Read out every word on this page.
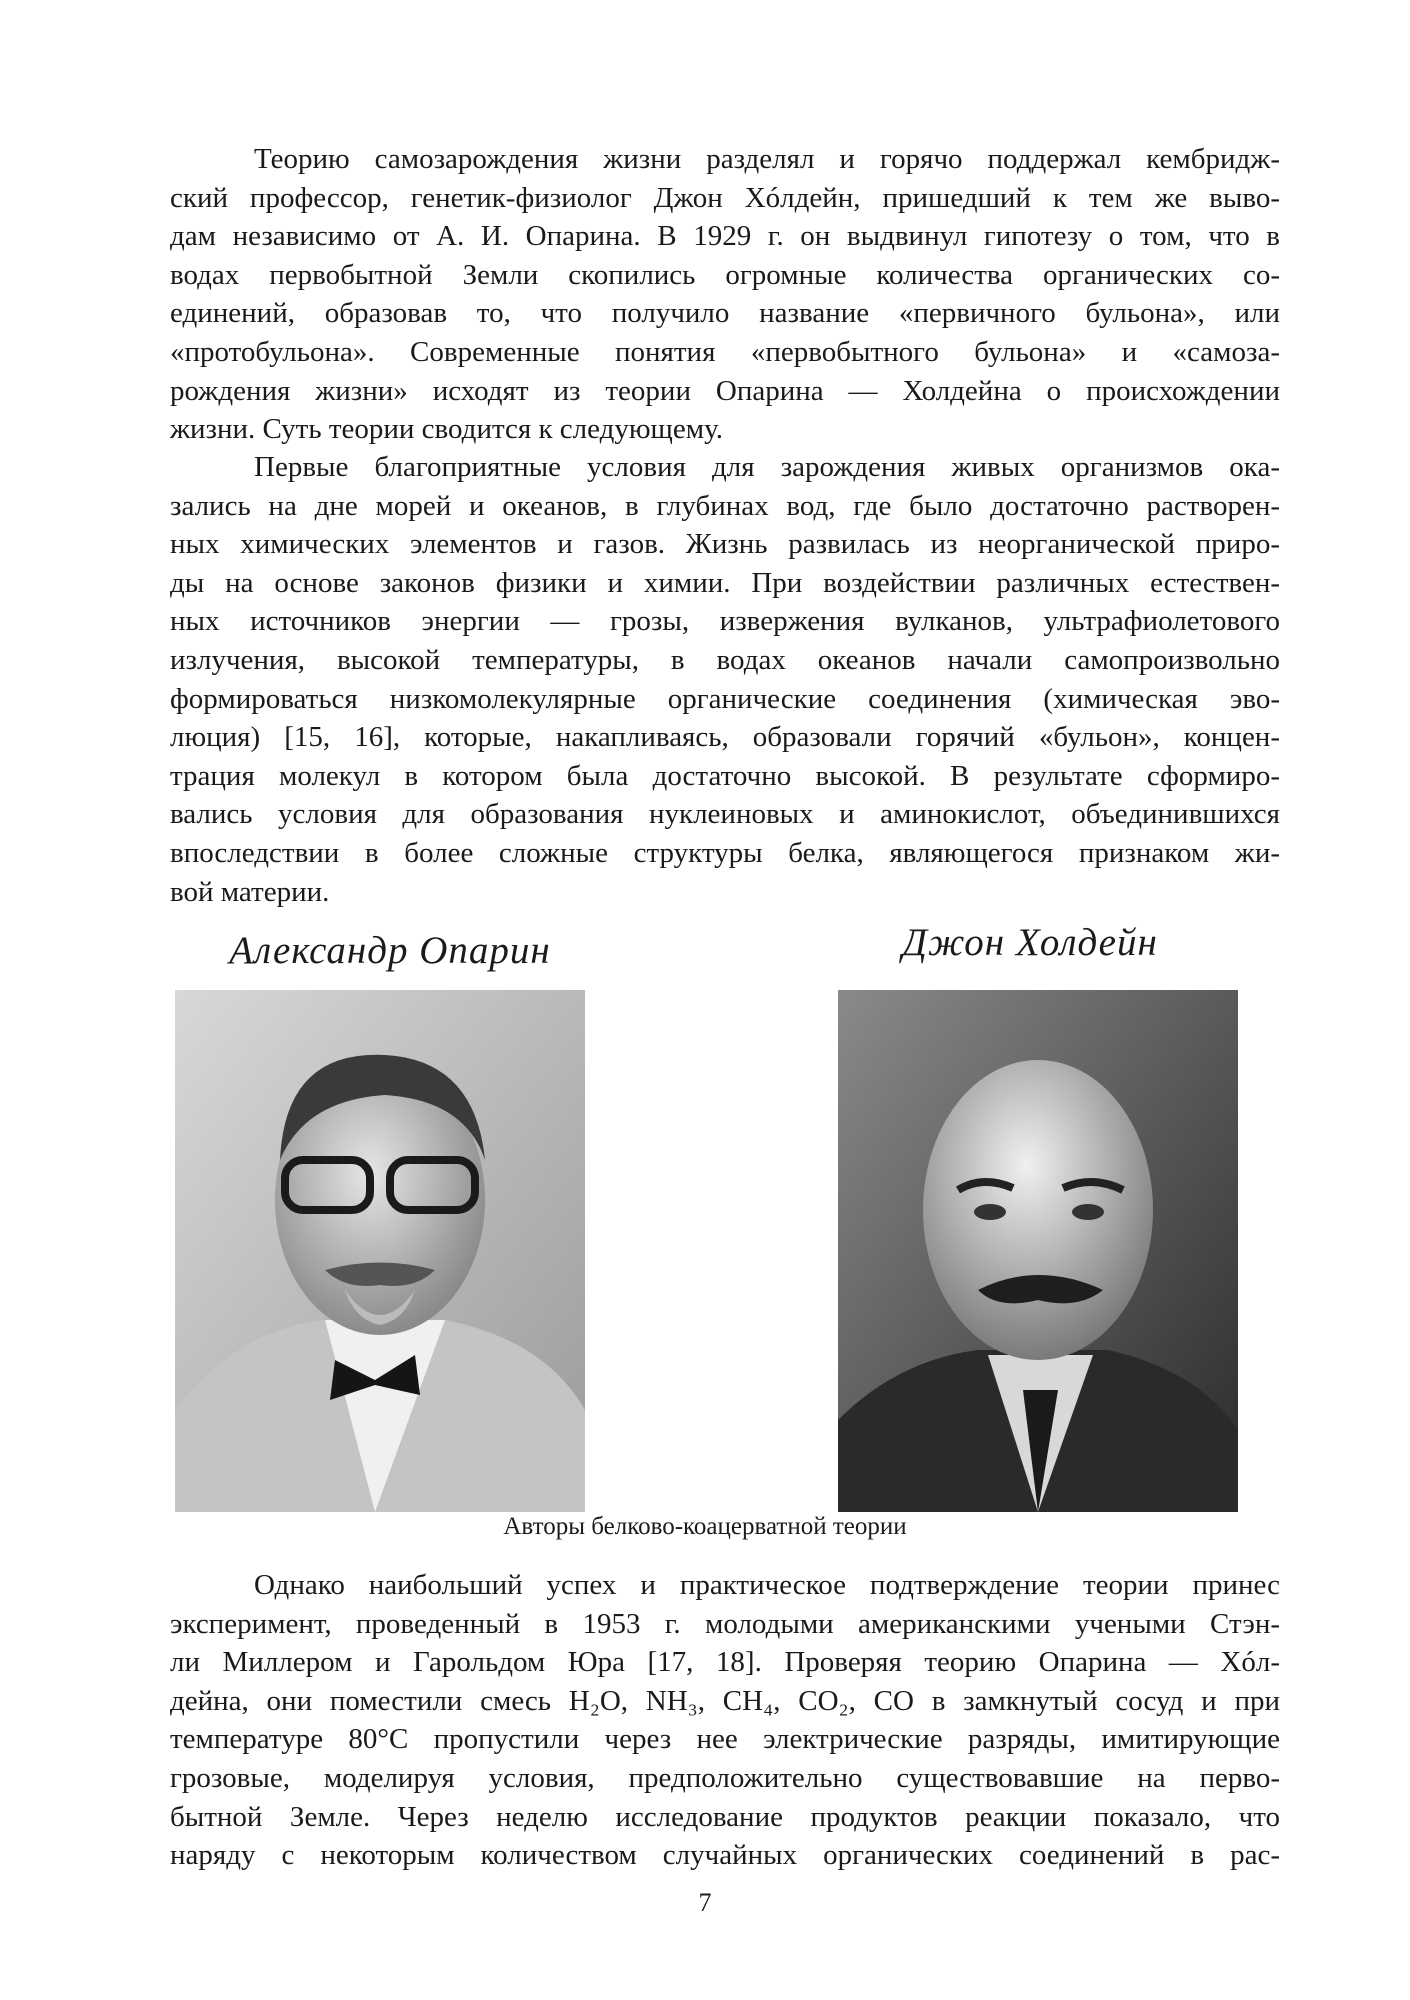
Теорию самозарождения жизни разделял и горячо поддержал кембридж-
ский профессор, генетик-физиолог Джон Хóлдейн, пришедший к тем же выво-
дам независимо от А. И. Опарина. В 1929 г. он выдвинул гипотезу о том, что в
водах первобытной Земли скопились огромные количества органических со-
единений, образовав то, что получило название «первичного бульона», или
«протобульона». Современные понятия «первобытного бульона» и «самоза-
рождения жизни» исходят из теории Опарина — Холдейна о происхождении
жизни. Суть теории сводится к следующему.
Первые благоприятные условия для зарождения живых организмов ока-
зались на дне морей и океанов, в глубинах вод, где было достаточно растворен-
ных химических элементов и газов. Жизнь развилась из неорганической приро-
ды на основе законов физики и химии. При воздействии различных естествен-
ных источников энергии — грозы, извержения вулканов, ультрафиолетового
излучения, высокой температуры, в водах океанов начали самопроизвольно
формироваться низкомолекулярные органические соединения (химическая эво-
люция) [15, 16], которые, накапливаясь, образовали горячий «бульон», концен-
трация молекул в котором была достаточно высокой. В результате сформиро-
вались условия для образования нуклеиновых и аминокислот, объединившихся
впоследствии в более сложные структуры белка, являющегося признаком жи-
вой материи.
Александр Опарин	Джон Холдейн
Авторы белково-коацерватной теории
Однако наибольший успех и практическое подтверждение теории принес
эксперимент, проведенный в 1953 г. молодыми американскими учеными Стэн-
ли Миллером и Гарольдом Юра [17, 18]. Проверяя теорию Опарина — Хóл-
дейна, они поместили смесь H₂O, NH₃, CH₄, CO₂, CO в замкнутый сосуд и при
температуре 80°С пропустили через нее электрические разряды, имитирующие
грозовые, моделируя условия, предположительно существовавшие на перво-
бытной Земле. Через неделю исследование продуктов реакции показало, что
наряду с некоторым количеством случайных органических соединений в рас-
7
